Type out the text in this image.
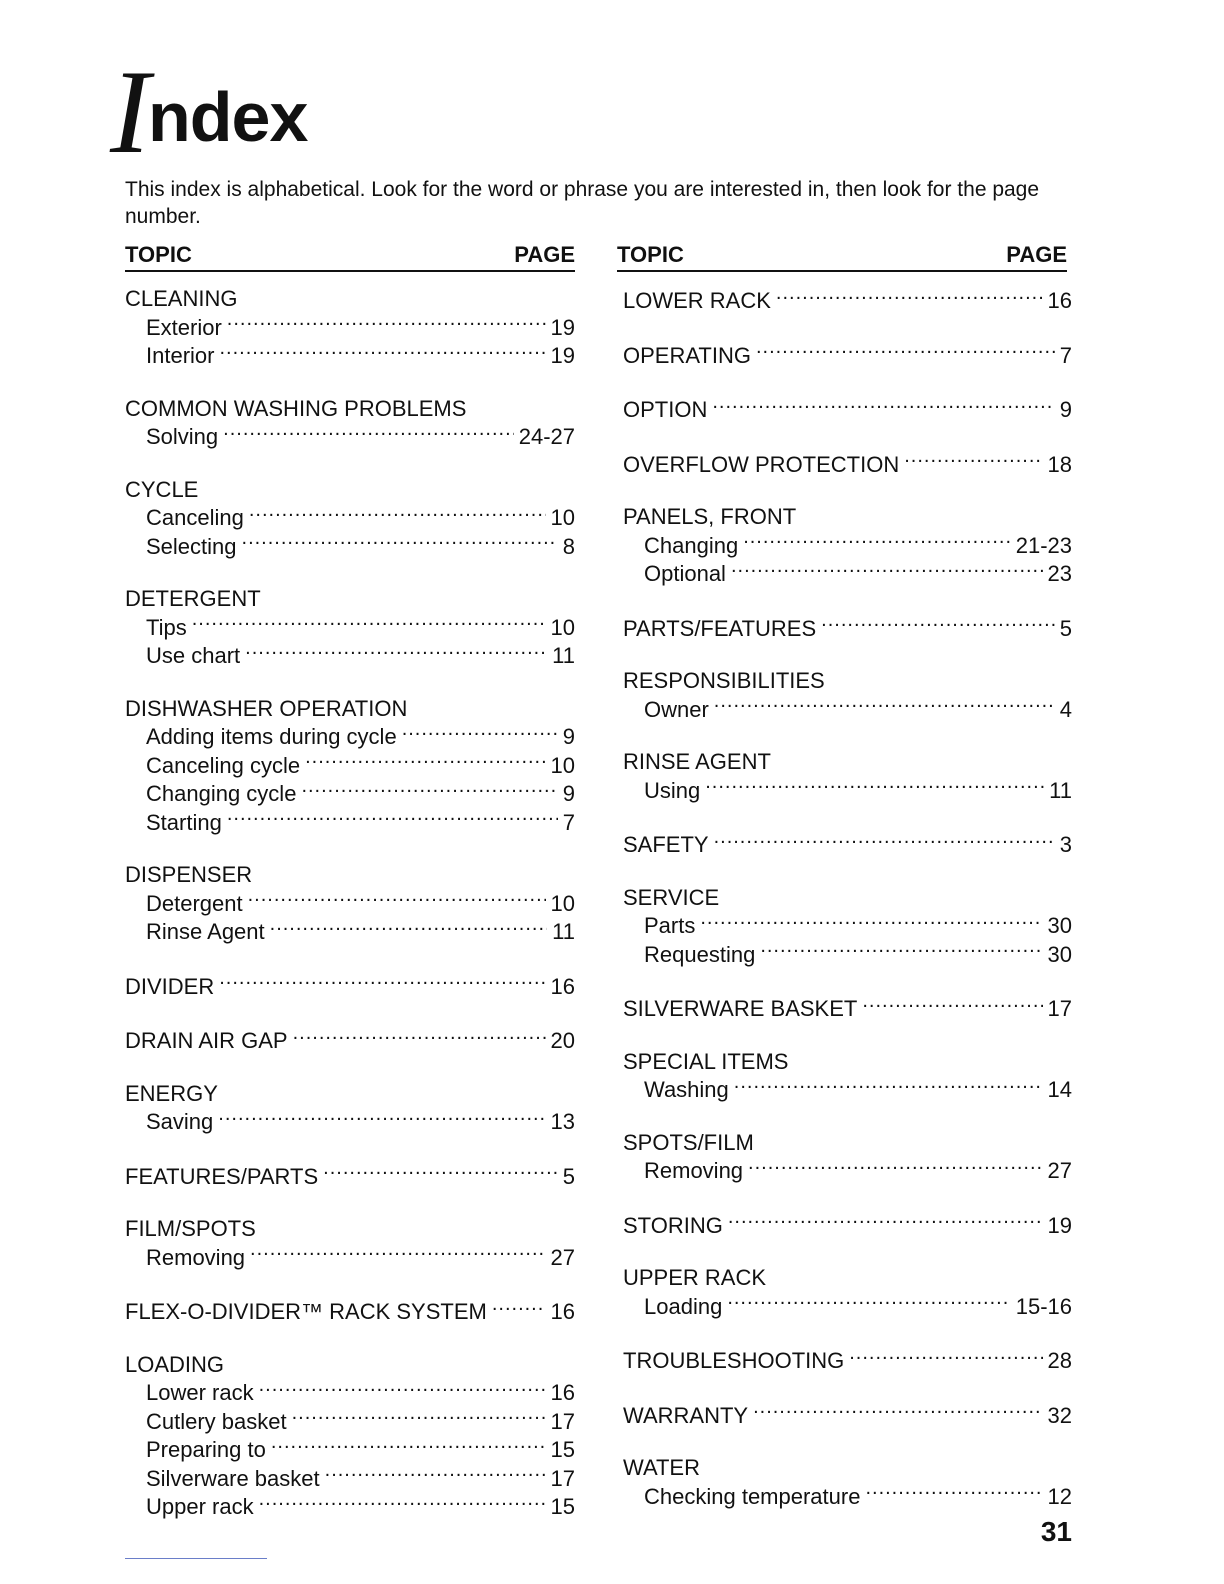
I
ndex
This index is alphabetical. Look for the word or phrase you are interested in, then look for the page number.
TOPIC	PAGE
CLEANING
Exterior .....	19
Interior .....	19
COMMON WASHING PROBLEMS
Solving .....	24-27
CYCLE
Canceling .....	10
Selecting .....	8
DETERGENT
Tips .....	10
Use chart .....	11
DISHWASHER OPERATION
Adding items during cycle .....	9
Canceling cycle .....	10
Changing cycle .....	9
Starting .....	7
DISPENSER
Detergent .....	10
Rinse Agent .....	11
DIVIDER .....	16
DRAIN AIR GAP .....	20
ENERGY
Saving .....	13
FEATURES/PARTS .....	5
FILM/SPOTS
Removing .....	27
FLEX-O-DIVIDER™ RACK SYSTEM .....	16
LOADING
Lower rack .....	16
Cutlery basket .....	17
Preparing to .....	15
Silverware basket .....	17
Upper rack .....	15
TOPIC	PAGE
LOWER RACK .....	16
OPERATING .....	7
OPTION .....	9
OVERFLOW PROTECTION .....	18
PANELS, FRONT
Changing .....	21-23
Optional .....	23
PARTS/FEATURES .....	5
RESPONSIBILITIES
Owner .....	4
RINSE AGENT
Using .....	11
SAFETY .....	3
SERVICE
Parts .....	30
Requesting .....	30
SILVERWARE BASKET .....	17
SPECIAL ITEMS
Washing .....	14
SPOTS/FILM
Removing .....	27
STORING .....	19
UPPER RACK
Loading .....	15-16
TROUBLESHOOTING .....	28
WARRANTY .....	32
WATER
Checking temperature .....	12
31
